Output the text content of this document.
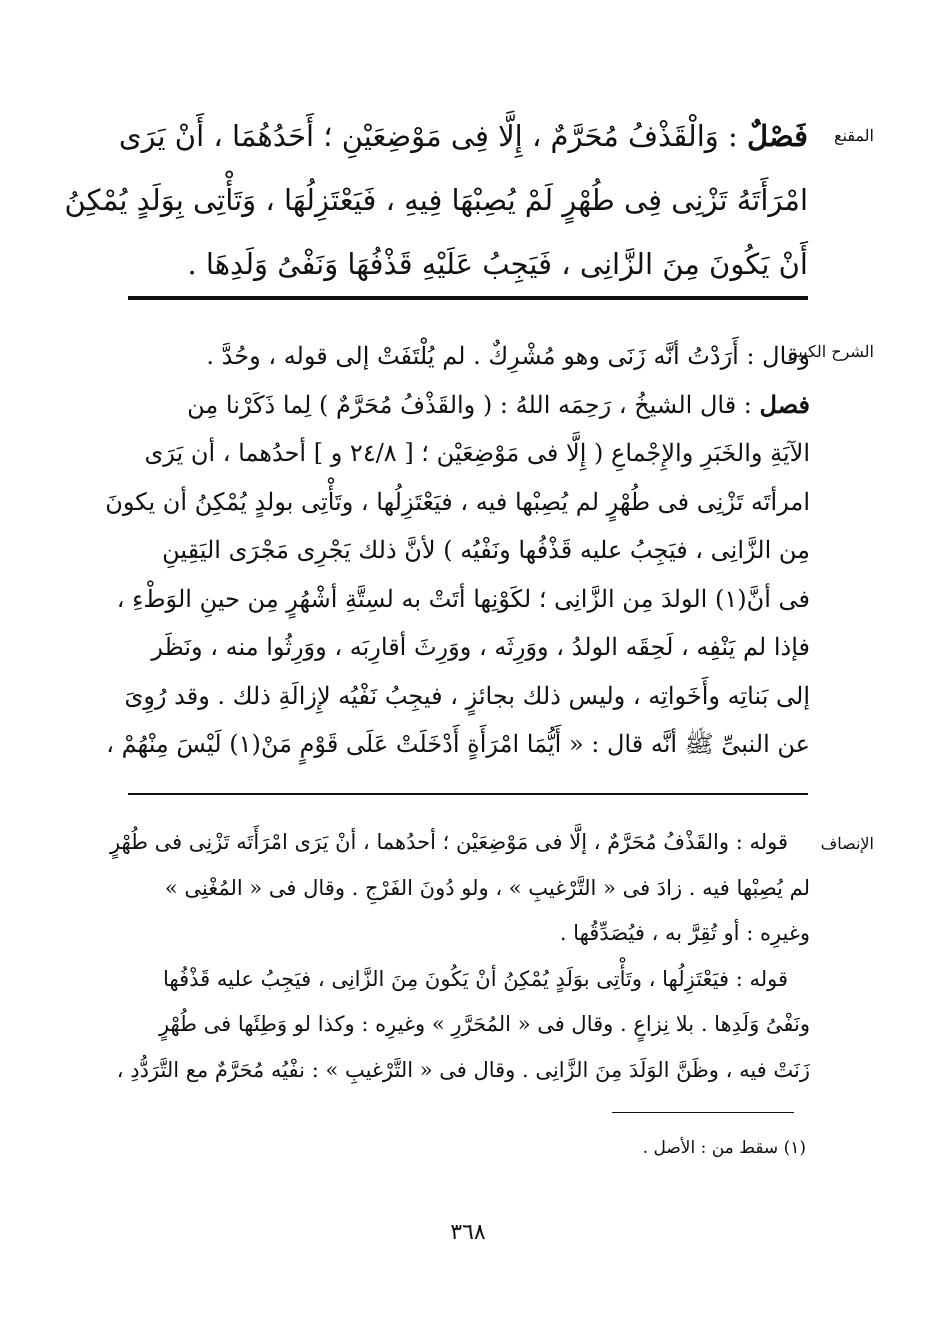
المقنع
فَصْلٌ : وَالْقَذْفُ مُحَرَّمٌ ، إِلَّا فِى مَوْضِعَيْنِ ؛ أَحَدُهُمَا ، أَنْ يَرَى
امْرَأَتَهُ تَزْنِى فِى طُهْرٍ لَمْ يُصِبْهَا فِيهِ ، فَيَعْتَزِلُهَا ، وَتَأْتِى بِوَلَدٍ يُمْكِنُ
أَنْ يَكُونَ مِنَ الزَّانِى ، فَيَجِبُ عَلَيْهِ قَذْفُهَا وَنَفْىُ وَلَدِهَا .
الشرح الكبير
وقال : أَرَدْتُ أنَّه زَنَى وهو مُشْرِكٌ . لم يُلْتَفَتْ إلى قوله ، وحُدَّ .
فصل : قال الشيخُ ، رَحِمَه اللهُ : ( والقَذْفُ مُحَرَّمٌ ) لِما ذَكَرْنا مِن
الآيَةِ والخَبَرِ والإِجْماعِ ( إِلَّا فى مَوْضِعَيْن ؛ [ ٢٤/٨ و ] أحدُهما ، أن يَرَى
امرأتَه تَزْنِى فى طُهْرٍ لم يُصِبْها فيه ، فيَعْتَزِلُها ، وتَأْتِى بولدٍ يُمْكِنُ أن يكونَ
مِن الزَّانِى ، فيَجِبُ عليه قَذْفُها ونَفْيُه ) لأنَّ ذلك يَجْرِى مَجْرَى اليَقِينِ
فى أنَّ(١) الولدَ مِن الزَّانِى ؛ لكَوْنِها أتَتْ به لسِتَّةِ أشْهُرٍ مِن حينِ الوَطْءِ ،
فإذا لم يَنْفِه ، لَحِقَه الولدُ ، ووَرِثَه ، ووَرِثَ أقارِبَه ، ووَرِثُوا منه ، ونَظَر
إلى بَناتِه وأَخَواتِه ، وليس ذلك بجائزٍ ، فيجِبُ نَفْيُه لإِزالَةِ ذلك . وقد رُوِىَ
عن النبىِّ ﷺ أنَّه قال : « أَيُّمَا امْرَأَةٍ أَدْخَلَتْ عَلَى قَوْمٍ مَنْ(١) لَيْسَ مِنْهُمْ ،
الإنصاف
قوله : والقَذْفُ مُحَرَّمٌ ، إلَّا فى مَوْضِعَيْن ؛ أحدُهما ، أنْ يَرَى امْرَأَتَه تَزْنِى فى طُهْرٍ
لم يُصِبْها فيه . زادَ فى « التَّرْغيبِ » ، ولو دُونَ الفَرْجِ . وقال فى « المُغْنِى »
وغيرِه : أو تُقِرَّ به ، فيُصَدِّقُها .
قوله : فيَعْتَزِلُها ، وتَأْتِى بوَلَدٍ يُمْكِنُ أنْ يَكُونَ مِنَ الزَّانِى ، فيَجِبُ عليه قَذْفُها
ونَفْىُ وَلَدِها . بلا نِزاعٍ . وقال فى « المُحَرَّرِ » وغيرِه : وكذا لو وَطِئَها فى طُهْرٍ
زَنَتْ فيه ، وظَنَّ الوَلَدَ مِنَ الزَّانِى . وقال فى « التَّرْغيبِ » : نفْيُه مُحَرَّمٌ مع التَّرَدُّدِ ،
(١) سقط من : الأصل .
٣٦٨
